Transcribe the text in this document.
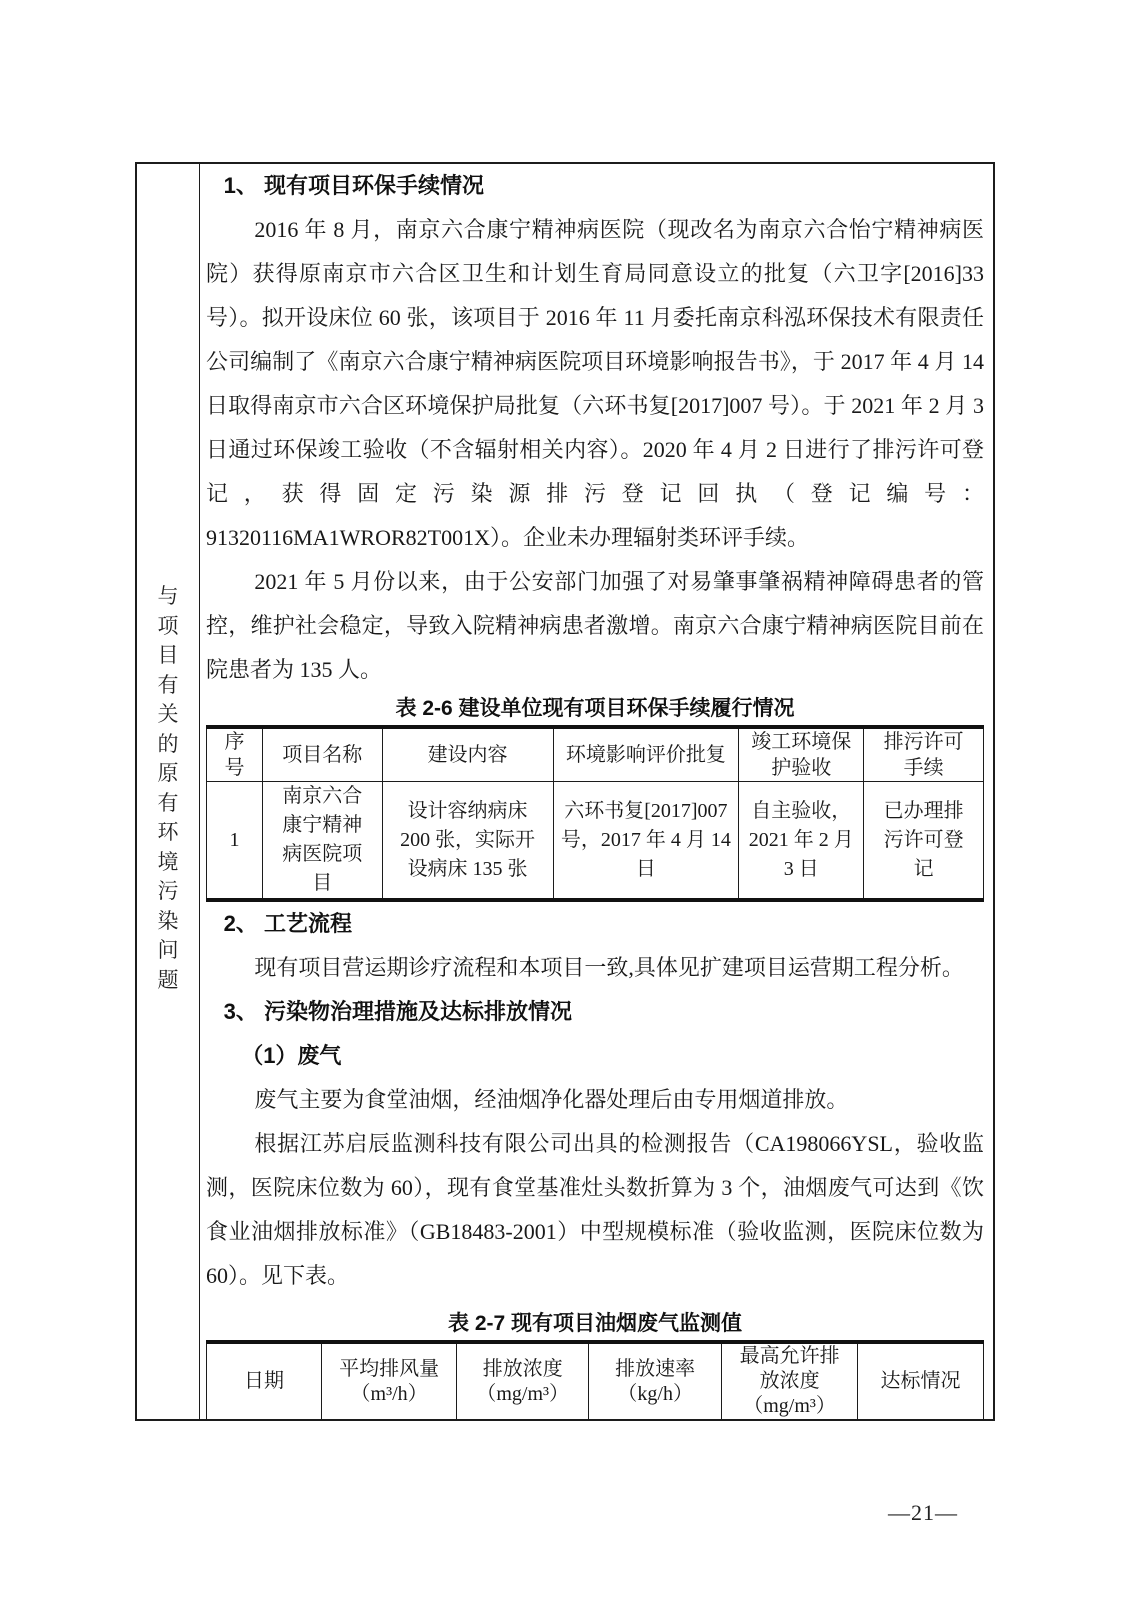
与项目有关的原有环境污染问题
1、 现有项目环保手续情况

2016 年 8 月，南京六合康宁精神病医院（现改名为南京六合怡宁精神病医院）获得原南京市六合区卫生和计划生育局同意设立的批复（六卫字[2016]33 号）。拟开设床位 60 张，该项目于 2016 年 11 月委托南京科泓环保技术有限责任公司编制了《南京六合康宁精神病医院项目环境影响报告书》，于 2017 年 4 月 14 日取得南京市六合区环境保护局批复（六环书复[2017]007 号）。于 2021 年 2 月 3 日通过环保竣工验收（不含辐射相关内容）。2020 年 4 月 2 日进行了排污许可登记，获得固定污染源排污登记回执（登记编号：91320116MA1WROR82T001X）。企业未办理辐射类环评手续。

2021 年 5 月份以来，由于公安部门加强了对易肇事肇祸精神障碍患者的管控，维护社会稳定，导致入院精神病患者激增。南京六合康宁精神病医院目前在院患者为 135 人。

表 2-6 建设单位现有项目环保手续履行情况
序号	项目名称	建设内容	环境影响评价批复	竣工环境保护验收	排污许可手续
1	南京六合康宁精神病医院项目	设计容纳病床 200 张，实际开设病床 135 张	六环书复[2017]007 号，2017 年 4 月 14 日	自主验收，2021 年 2 月 3 日	已办理排污许可登记
2、 工艺流程

现有项目营运期诊疗流程和本项目一致,具体见扩建项目运营期工程分析。

3、 污染物治理措施及达标排放情况
（1）废气

废气主要为食堂油烟，经油烟净化器处理后由专用烟道排放。

根据江苏启辰监测科技有限公司出具的检测报告（CA198066YSL，验收监测，医院床位数为 60），现有食堂基准灶头数折算为 3 个，油烟废气可达到《饮食业油烟排放标准》（GB18483-2001）中型规模标准（验收监测，医院床位数为 60）。见下表。

表 2-7 现有项目油烟废气监测值
日期	平均排风量（m³/h）	排放浓度（mg/m³）	排放速率（kg/h）	最高允许排放浓度（mg/m³）	达标情况
—21—
